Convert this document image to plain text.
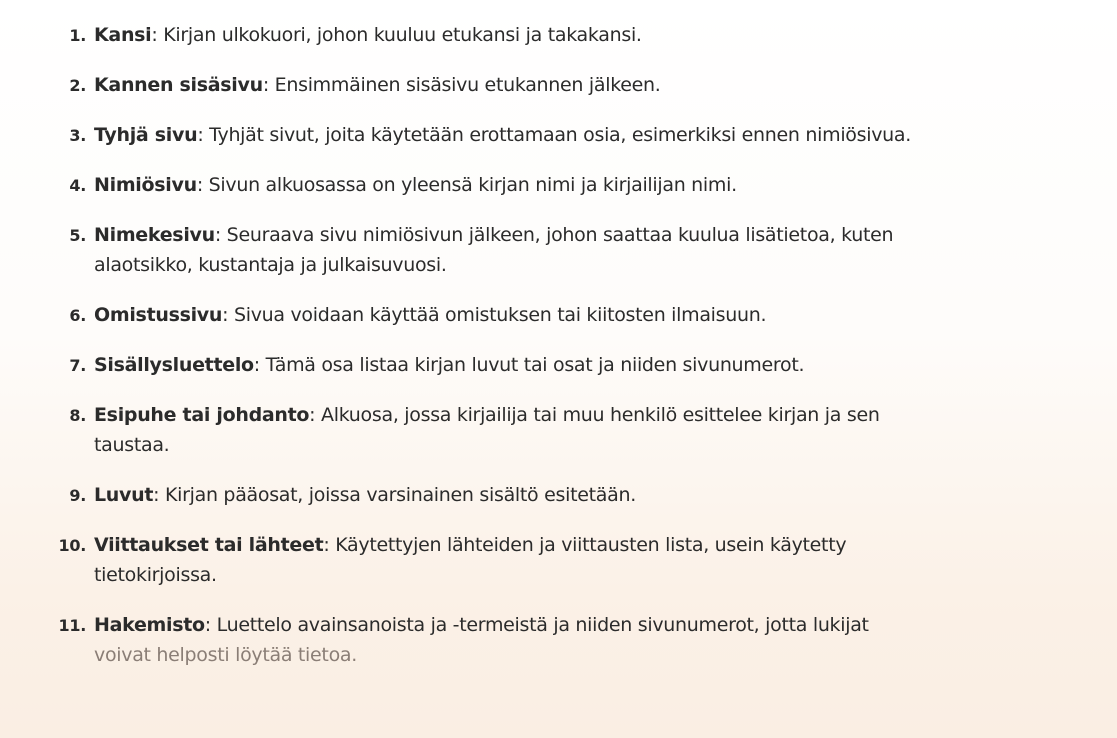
1. Kansi: Kirjan ulkokuori, johon kuuluu etukansi ja takakansi.
2. Kannen sisäsivu: Ensimmäinen sisäsivu etukannen jälkeen.
3. Tyhjä sivu: Tyhjät sivut, joita käytetään erottamaan osia, esimerkiksi ennen nimiösivua.
4. Nimiösivu: Sivun alkuosassa on yleensä kirjan nimi ja kirjailijan nimi.
5. Nimekesivu: Seuraava sivu nimiösivun jälkeen, johon saattaa kuulua lisätietoa, kuten
alaotsikko, kustantaja ja julkaisuvuosi.
6. Omistussivu: Sivua voidaan käyttää omistuksen tai kiitosten ilmaisuun.
7. Sisällysluettelo: Tämä osa listaa kirjan luvut tai osat ja niiden sivunumerot.
8. Esipuhe tai johdanto: Alkuosa, jossa kirjailija tai muu henkilö esittelee kirjan ja sen
taustaa.
9. Luvut: Kirjan pääosat, joissa varsinainen sisältö esitetään.
10. Viittaukset tai lähteet: Käytettyjen lähteiden ja viittausten lista, usein käytetty
tietokirjoissa.
11. Hakemisto: Luettelo avainsanoista ja -termeistä ja niiden sivunumerot, jotta lukijat
voivat helposti löytää tietoa.
